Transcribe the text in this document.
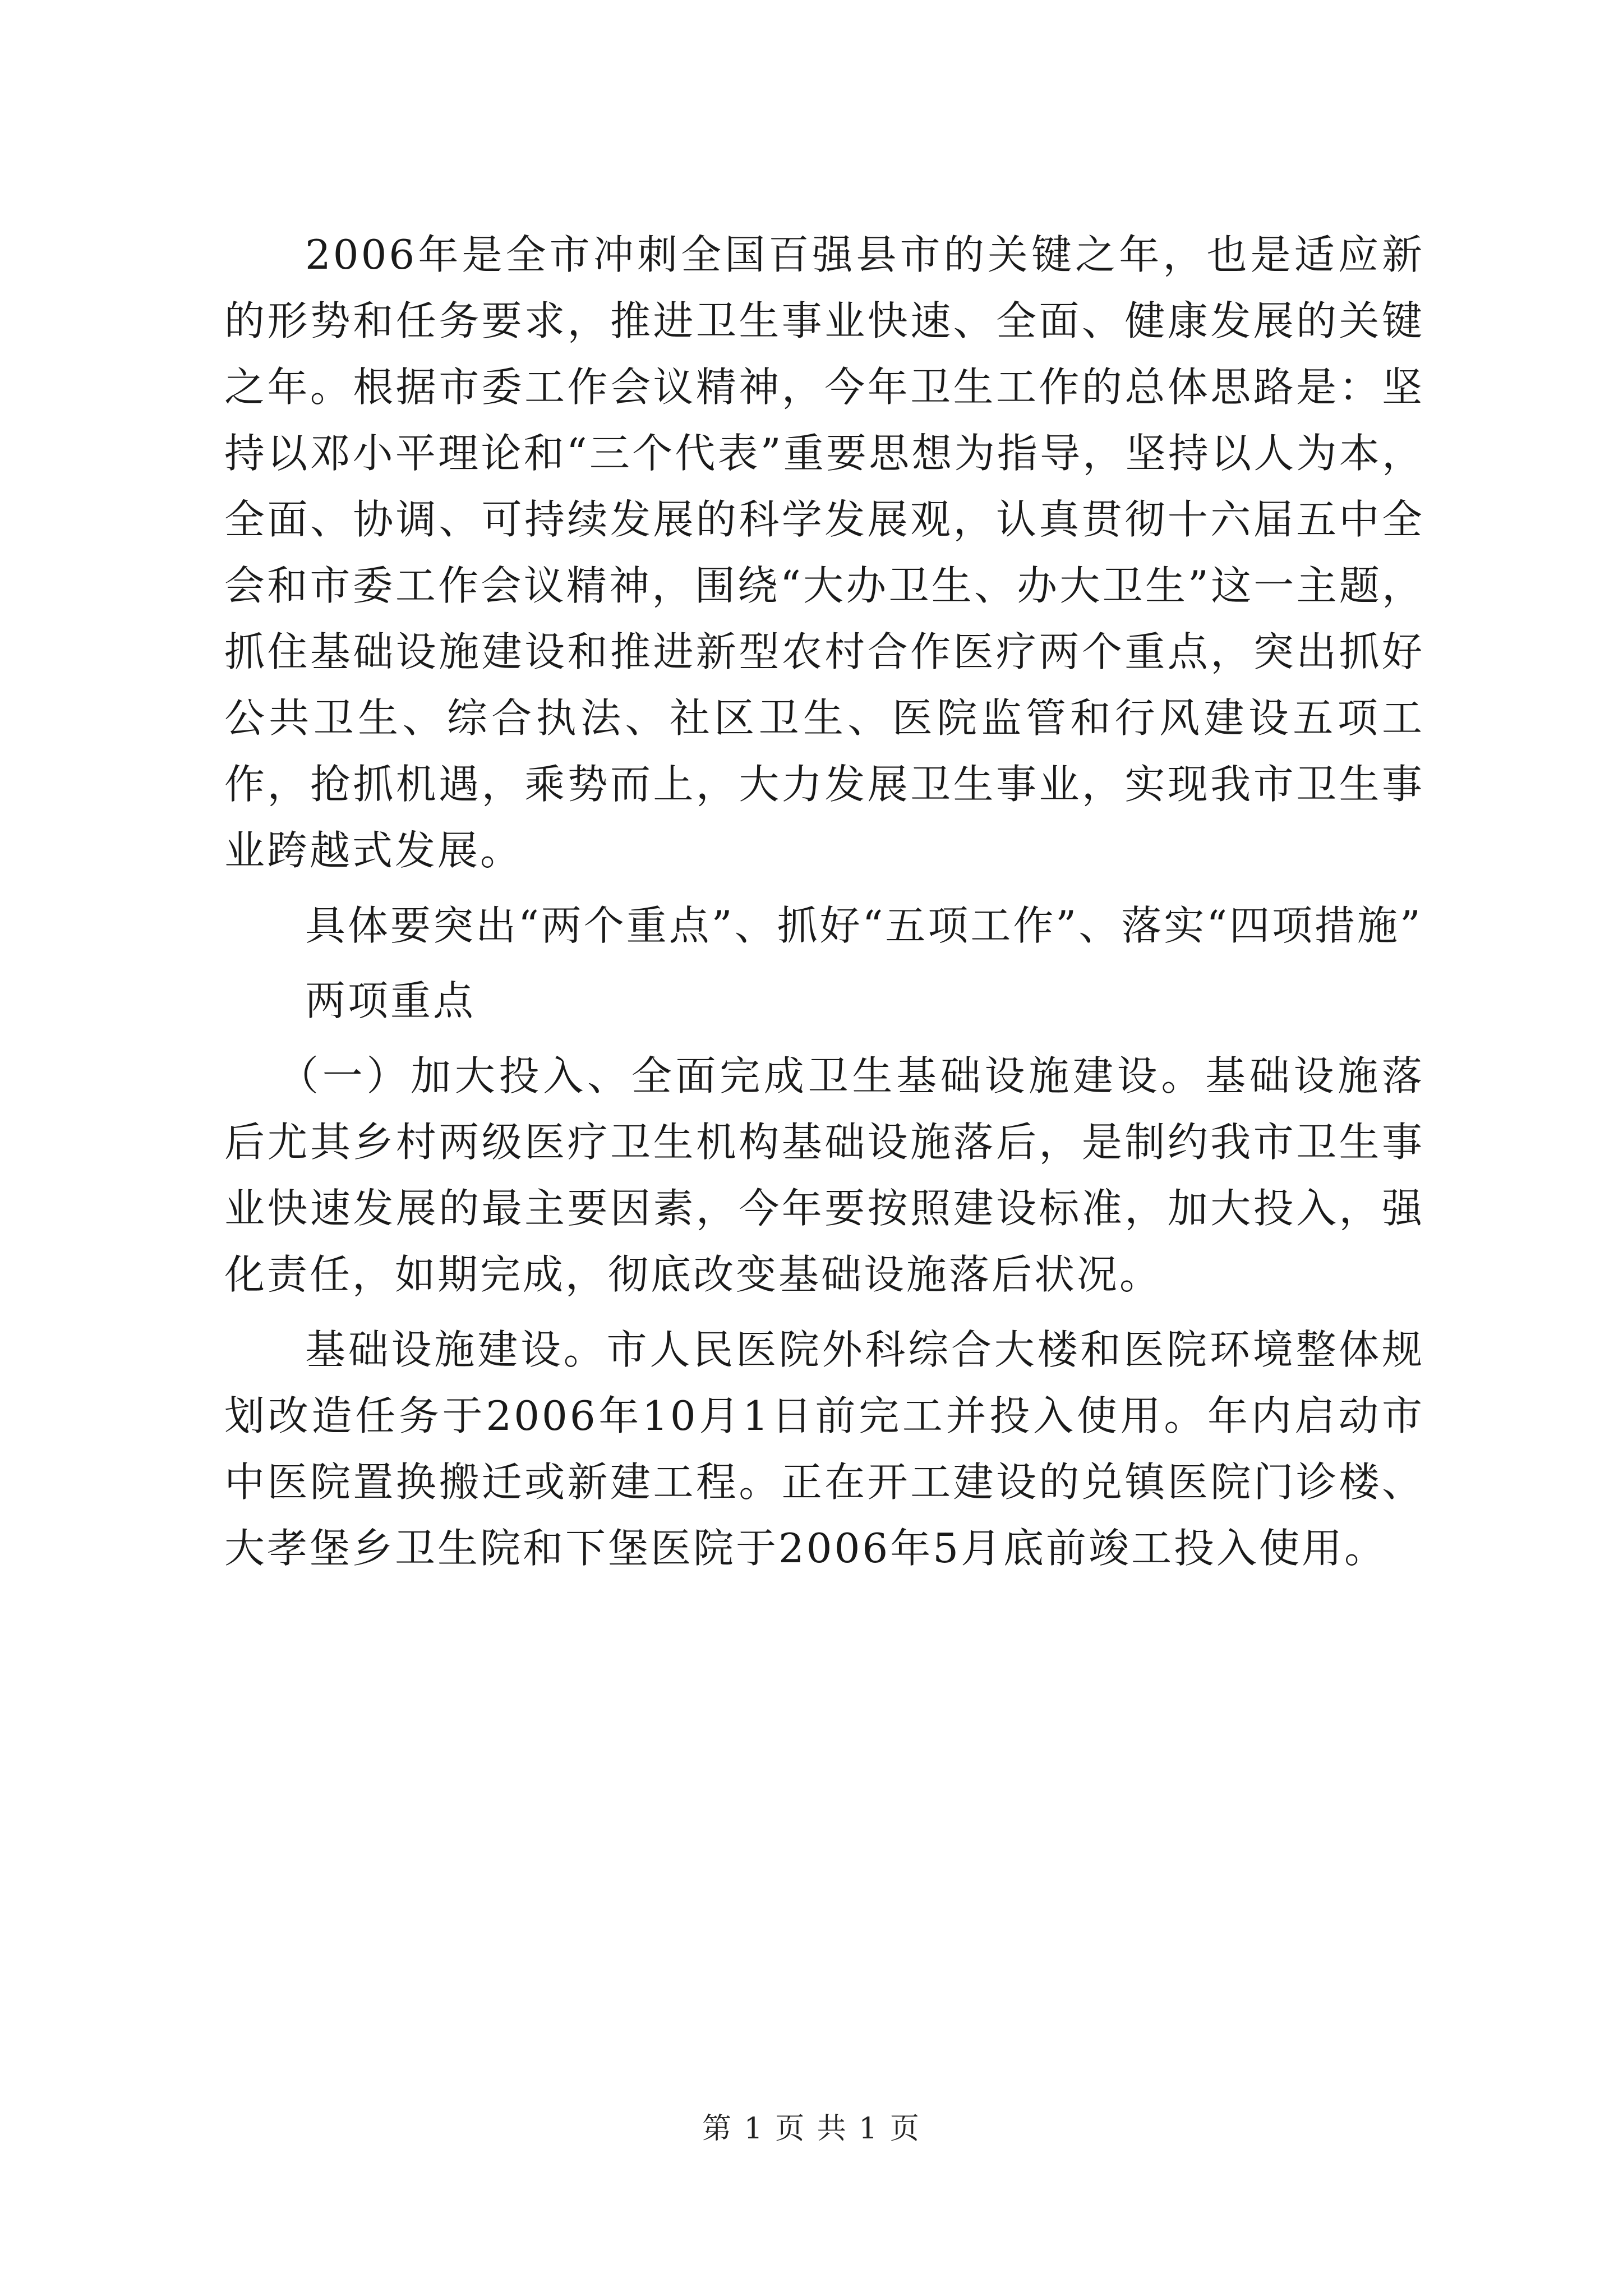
2006年是全市冲刺全国百强县市的关键之年，也是适应新的形势和任务要求，推进卫生事业快速、全面、健康发展的关键之年。根据市委工作会议精神，今年卫生工作的总体思路是：坚持以邓小平理论和“三个代表”重要思想为指导，坚持以人为本，全面、协调、可持续发展的科学发展观，认真贯彻十六届五中全会和市委工作会议精神，围绕“大办卫生、办大卫生”这一主题，抓住基础设施建设和推进新型农村合作医疗两个重点，突出抓好公共卫生、综合执法、社区卫生、医院监管和行风建设五项工作，抢抓机遇，乘势而上，大力发展卫生事业，实现我市卫生事业跨越式发展。

具体要突出“两个重点”、抓好“五项工作”、落实“四项措施”

两项重点

（一）加大投入、全面完成卫生基础设施建设。基础设施落后尤其乡村两级医疗卫生机构基础设施落后，是制约我市卫生事业快速发展的最主要因素，今年要按照建设标准，加大投入，强化责任，如期完成，彻底改变基础设施落后状况。

基础设施建设。市人民医院外科综合大楼和医院环境整体规划改造任务于2006年10月1日前完工并投入使用。年内启动市中医院置换搬迁或新建工程。正在开工建设的兑镇医院门诊楼、大孝堡乡卫生院和下堡医院于2006年5月底前竣工投入使用。

第 1 页 共 1 页
